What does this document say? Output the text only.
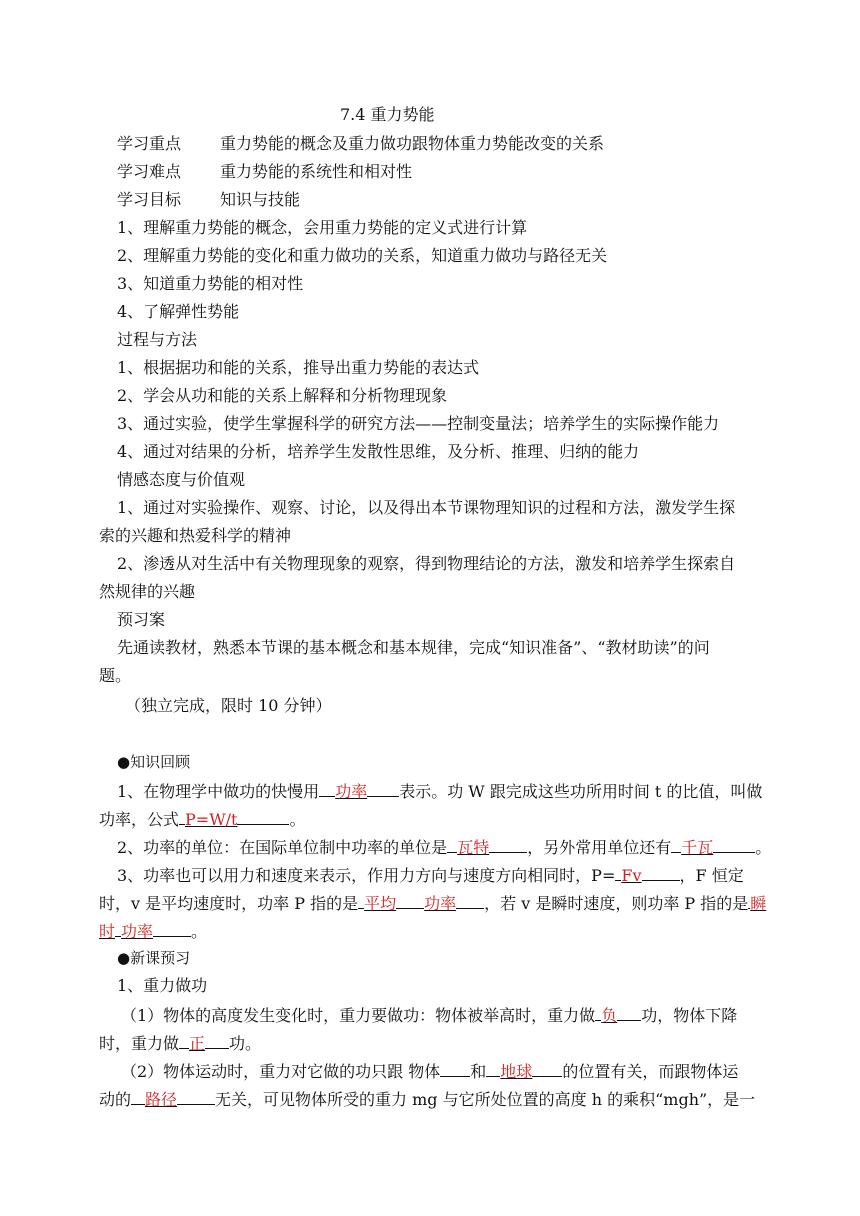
7.4 重力势能
学习重点 重力势能的概念及重力做功跟物体重力势能改变的关系
学习难点 重力势能的系统性和相对性
学习目标 知识与技能
1、理解重力势能的概念，会用重力势能的定义式进行计算
2、理解重力势能的变化和重力做功的关系，知道重力做功与路径无关
3、知道重力势能的相对性
4、了解弹性势能
过程与方法
1、根据据功和能的关系，推导出重力势能的表达式
2、学会从功和能的关系上解释和分析物理现象
3、通过实验，使学生掌握科学的研究方法——控制变量法；培养学生的实际操作能力
4、通过对结果的分析，培养学生发散性思维，及分析、推理、归纳的能力
情感态度与价值观
1、通过对实验操作、观察、讨论，以及得出本节课物理知识的过程和方法，激发学生探
索的兴趣和热爱科学的精神
2、渗透从对生活中有关物理现象的观察，得到物理结论的方法，激发和培养学生探索自
然规律的兴趣
预习案
先通读教材，熟悉本节课的基本概念和基本规律，完成“知识准备”、“教材助读”的问
题。
（独立完成，限时 10 分钟）
●知识回顾
1、在物理学中做功的快慢用 功率 表示。功 W 跟完成这些功所用时间 t 的比值，叫做
功率，公式 P=W/t	。
2、功率的单位：在国际单位制中功率的单位是 瓦特 ，另外常用单位还有 千瓦	。
3、功率也可以用力和速度来表示，作用力方向与速度方向相同时，P= Fv ，F 恒定
时，v 是平均速度时，功率 P 指的是 平均 功率 ，若 v 是瞬时速度，则功率 P 指的是 瞬
时 功率 。
●新课预习
1、重力做功
（1）物体的高度发生变化时，重力要做功：物体被举高时，重力做 负 功，物体下降
时，重力做 正 功。
（2）物体运动时，重力对它做的功只跟 物体 和 地球 的位置有关，而跟物体运
动的 路径 无关，可见物体所受的重力 mg 与它所处位置的高度 h 的乘积“mgh”，是一
